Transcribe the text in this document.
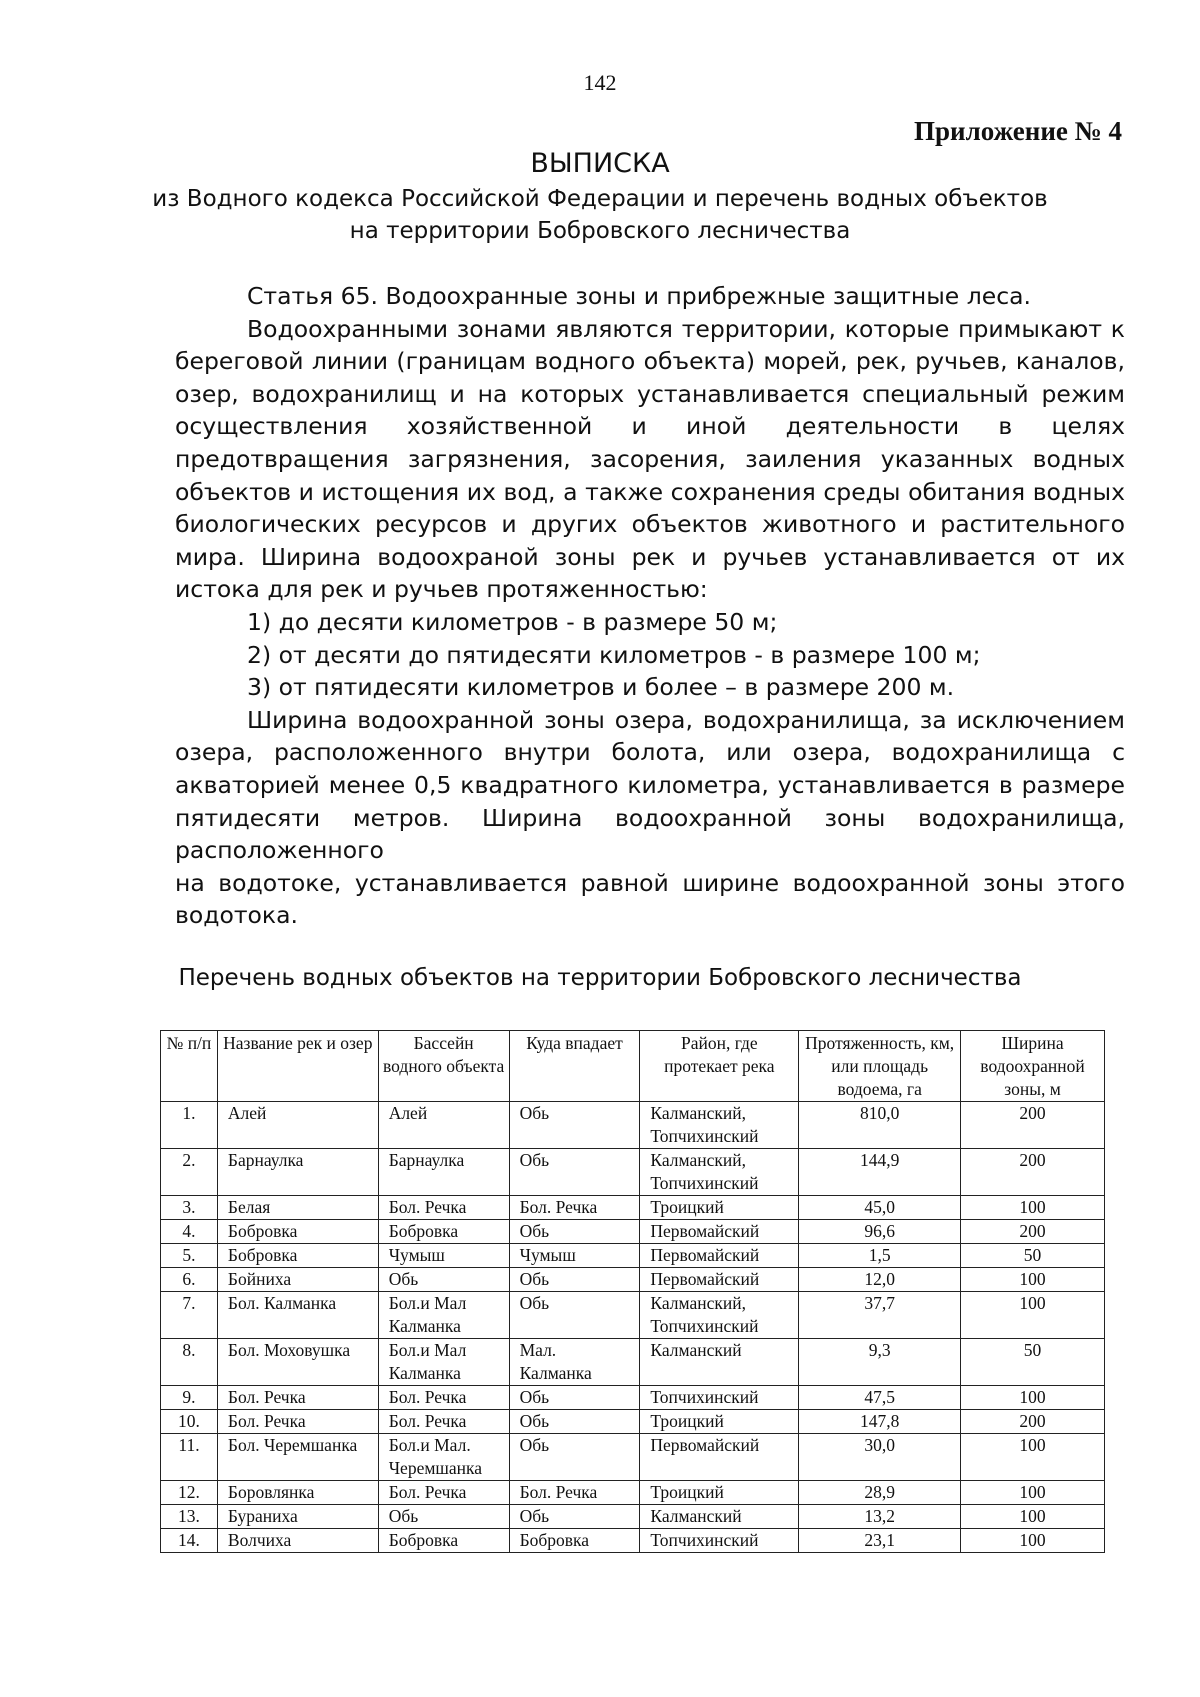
142
Приложение № 4
ВЫПИСКА
из Водного кодекса Российской Федерации и перечень водных объектов
на территории Бобровского лесничества

Статья 65. Водоохранные зоны и прибрежные защитные леса.

Водоохранными зонами являются территории, которые примыкают к береговой линии (границам водного объекта) морей, рек, ручьев, каналов, озер, водохранилищ и на которых устанавливается специальный режим осуществления хозяйственной и иной деятельности в целях предотвращения загрязнения, засорения, заиления указанных водных объектов и истощения их вод, а также сохранения среды обитания водных биологических ресурсов и других объектов животного и растительного мира. Ширина водоохраной зоны рек и ручьев устанавливается от их истока для рек и ручьев протяженностью:

1) до десяти километров - в размере 50 м;
2) от десяти до пятидесяти километров - в размере 100 м;
3) от пятидесяти километров и более – в размере 200 м.

Ширина водоохранной зоны озера, водохранилища, за исключением озера, расположенного внутри болота, или озера, водохранилища с акваторией менее 0,5 квадратного километра, устанавливается в размере пятидесяти метров. Ширина водоохранной зоны водохранилища, расположенного

на водотоке, устанавливается равной ширине водоохранной зоны этого водотока.

Перечень водных объектов на территории Бобровского лесничества
№ п/п	Название рек и озер	Бассейн водного объекта	Куда впадает	Район, где протекает река	Протяженность, км, или площадь водоема, га	Ширина водоохранной зоны, м
1.	Алей	Алей	Обь	Калманский, Топчихинский	810,0	200
2.	Барнаулка	Барнаулка	Обь	Калманский, Топчихинский	144,9	200
3.	Белая	Бол. Речка	Бол. Речка	Троицкий	45,0	100
4.	Бобровка	Бобровка	Обь	Первомайский	96,6	200
5.	Бобровка	Чумыш	Чумыш	Первомайский	1,5	50
6.	Бойниха	Обь	Обь	Первомайский	12,0	100
7.	Бол. Калманка	Бол.и Мал Калманка	Обь	Калманский, Топчихинский	37,7	100
8.	Бол. Моховушка	Бол.и Мал Калманка	Мал. Калманка	Калманский	9,3	50
9.	Бол. Речка	Бол. Речка	Обь	Топчихинский	47,5	100
10.	Бол. Речка	Бол. Речка	Обь	Троицкий	147,8	200
11.	Бол. Черемшанка	Бол.и Мал. Черемшанка	Обь	Первомайский	30,0	100
12.	Боровлянка	Бол. Речка	Бол. Речка	Троицкий	28,9	100
13.	Бураниха	Обь	Обь	Калманский	13,2	100
14.	Волчиха	Бобровка	Бобровка	Топчихинский	23,1	100
